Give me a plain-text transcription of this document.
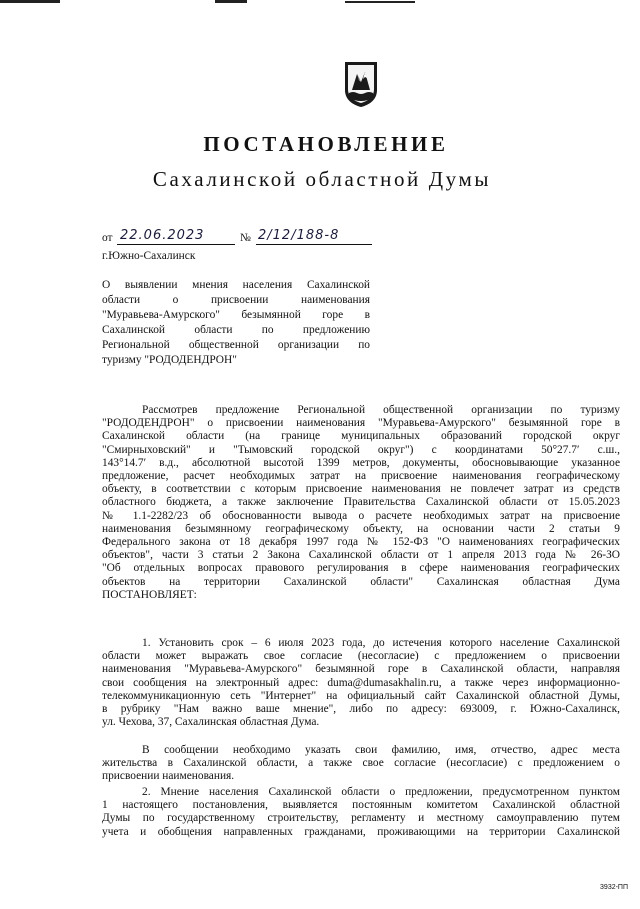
ПОСТАНОВЛЕНИЕ
Сахалинской областной Думы
от 22.06.2023	№ 2/12/188-8
г.Южно-Сахалинск
О выявлении мнения населения Сахалинской
области о присвоении наименования
"Муравьева-Амурского" безымянной горе в
Сахалинской области по предложению
Региональной общественной организации по
туризму "РОДОДЕНДРОН"
Рассмотрев предложение Региональной общественной организации по туризму
"РОДОДЕНДРОН" о присвоении наименования "Муравьева-Амурского" безымянной горе в
Сахалинской области (на границе муниципальных образований городской округ
"Смирныховский" и "Тымовский городской округ") с координатами 50°27.7′ с.ш.,
143°14.7′ в.д., абсолютной высотой 1399 метров, документы, обосновывающие указанное
предложение, расчет необходимых затрат на присвоение наименования географическому
объекту, в соответствии с которым присвоение наименования не повлечет затрат из средств
областного бюджета, а также заключение Правительства Сахалинской области от 15.05.2023
№ 1.1-2282/23 об обоснованности вывода о расчете необходимых затрат на присвоение
наименования безымянному географическому объекту, на основании части 2 статьи 9
Федерального закона от 18 декабря 1997 года № 152-ФЗ "О наименованиях географических
объектов", части 3 статьи 2 Закона Сахалинской области от 1 апреля 2013 года № 26-ЗО
"Об отдельных вопросах правового регулирования в сфере наименования географических
объектов на территории Сахалинской области" Сахалинская областная Дума
ПОСТАНОВЛЯЕТ:
1. Установить срок – 6 июля 2023 года, до истечения которого население Сахалинской
области может выражать свое согласие (несогласие) с предложением о присвоении
наименования "Муравьева-Амурского" безымянной горе в Сахалинской области, направляя
свои сообщения на электронный адрес: duma@dumasakhalin.ru, а также через информационно-
телекоммуникационную сеть "Интернет" на официальный сайт Сахалинской областной Думы,
в рубрику "Нам важно ваше мнение", либо по адресу: 693009, г. Южно-Сахалинск,
ул. Чехова, 37, Сахалинская областная Дума.
В сообщении необходимо указать свои фамилию, имя, отчество, адрес места
жительства в Сахалинской области, а также свое согласие (несогласие) с предложением о
присвоении наименования.
2. Мнение населения Сахалинской области о предложении, предусмотренном пунктом
1 настоящего постановления, выявляется постоянным комитетом Сахалинской областной
Думы по государственному строительству, регламенту и местному самоуправлению путем
учета и обобщения направленных гражданами, проживающими на территории Сахалинской
3932-ПП
